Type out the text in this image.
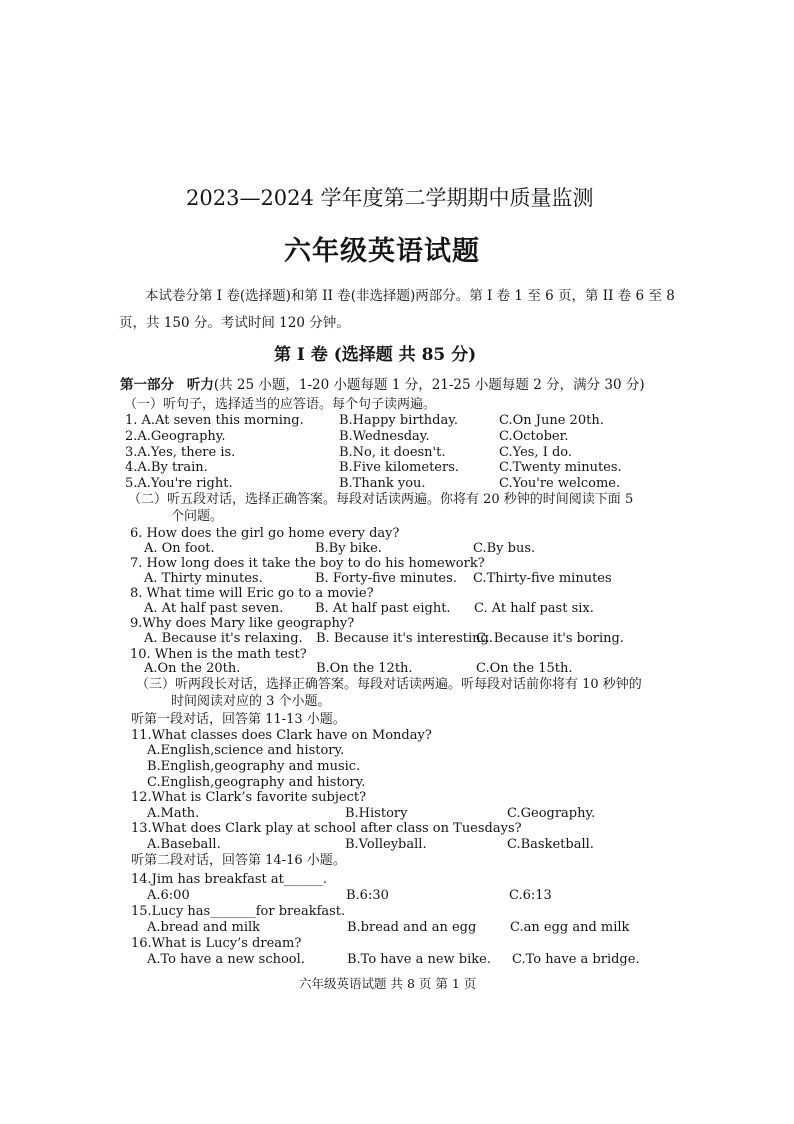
2023—2024 学年度第二学期期中质量监测
六年级英语试题
本试卷分第 I 卷(选择题)和第 II 卷(非选择题)两部分。第 I 卷 1 至 6 页，第 II 卷 6 至 8
页，共 150 分。考试时间 120 分钟。
第 I 卷 (选择题 共 85 分)
第一部分 听力(共 25 小题，1-20 小题每题 1 分，21-25 小题每题 2 分，满分 30 分)
（一）听句子，选择适当的应答语。每个句子读两遍。
1. A.At seven this morning.	B.Happy birthday.	C.On June 20th.
2.A.Geography.	B.Wednesday.	C.October.
3.A.Yes, there is.	B.No, it doesn't.	C.Yes, I do.
4.A.By train.	B.Five kilometers.	C.Twenty minutes.
5.A.You're right.	B.Thank you.	C.You're welcome.
（二）听五段对话，选择正确答案。每段对话读两遍。你将有 20 秒钟的时间阅读下面 5
个问题。
6. How does the girl go home every day?
A. On foot.	B.By bike.	C.By bus.
7. How long does it take the boy to do his homework?
A. Thirty minutes.	B. Forty-five minutes. C.Thirty-five minutes
8. What time will Eric go to a movie?
A. At half past seven. B. At half past eight. C. At half past six.
9.Why does Mary like geography?
A. Because it's relaxing. B. Because it's interesting.
C. Because it's boring.
10. When is the math test?
A.On the 20th.	B.On the 12th.	C.On the 15th.
（三）听两段长对话，选择正确答案。每段对话读两遍。听每段对话前你将有 10 秒钟的
时间阅读对应的 3 个小题。
听第一段对话，回答第 11-13 小题。
11.What classes does Clark have on Monday?
A.English,science and history.
B.English,geography and music.
C.English,geography and history.
12.What is Clark’s favorite subject?
A.Math.	B.History	C.Geography.
13.What does Clark play at school after class on Tuesdays?
A.Baseball.	B.Volleyball.	C.Basketball.
听第二段对话，回答第 14-16 小题。
14.Jim has breakfast at______.
A.6:00	B.6:30	C.6:13
15.Lucy has_______for breakfast.
A.bread and milk	B.bread and an egg	C.an egg and milk
16.What is Lucy’s dream?
A.To have a new school.	B.To have a new bike. C.To have a bridge.
六年级英语试题 共 8 页 第 1 页
